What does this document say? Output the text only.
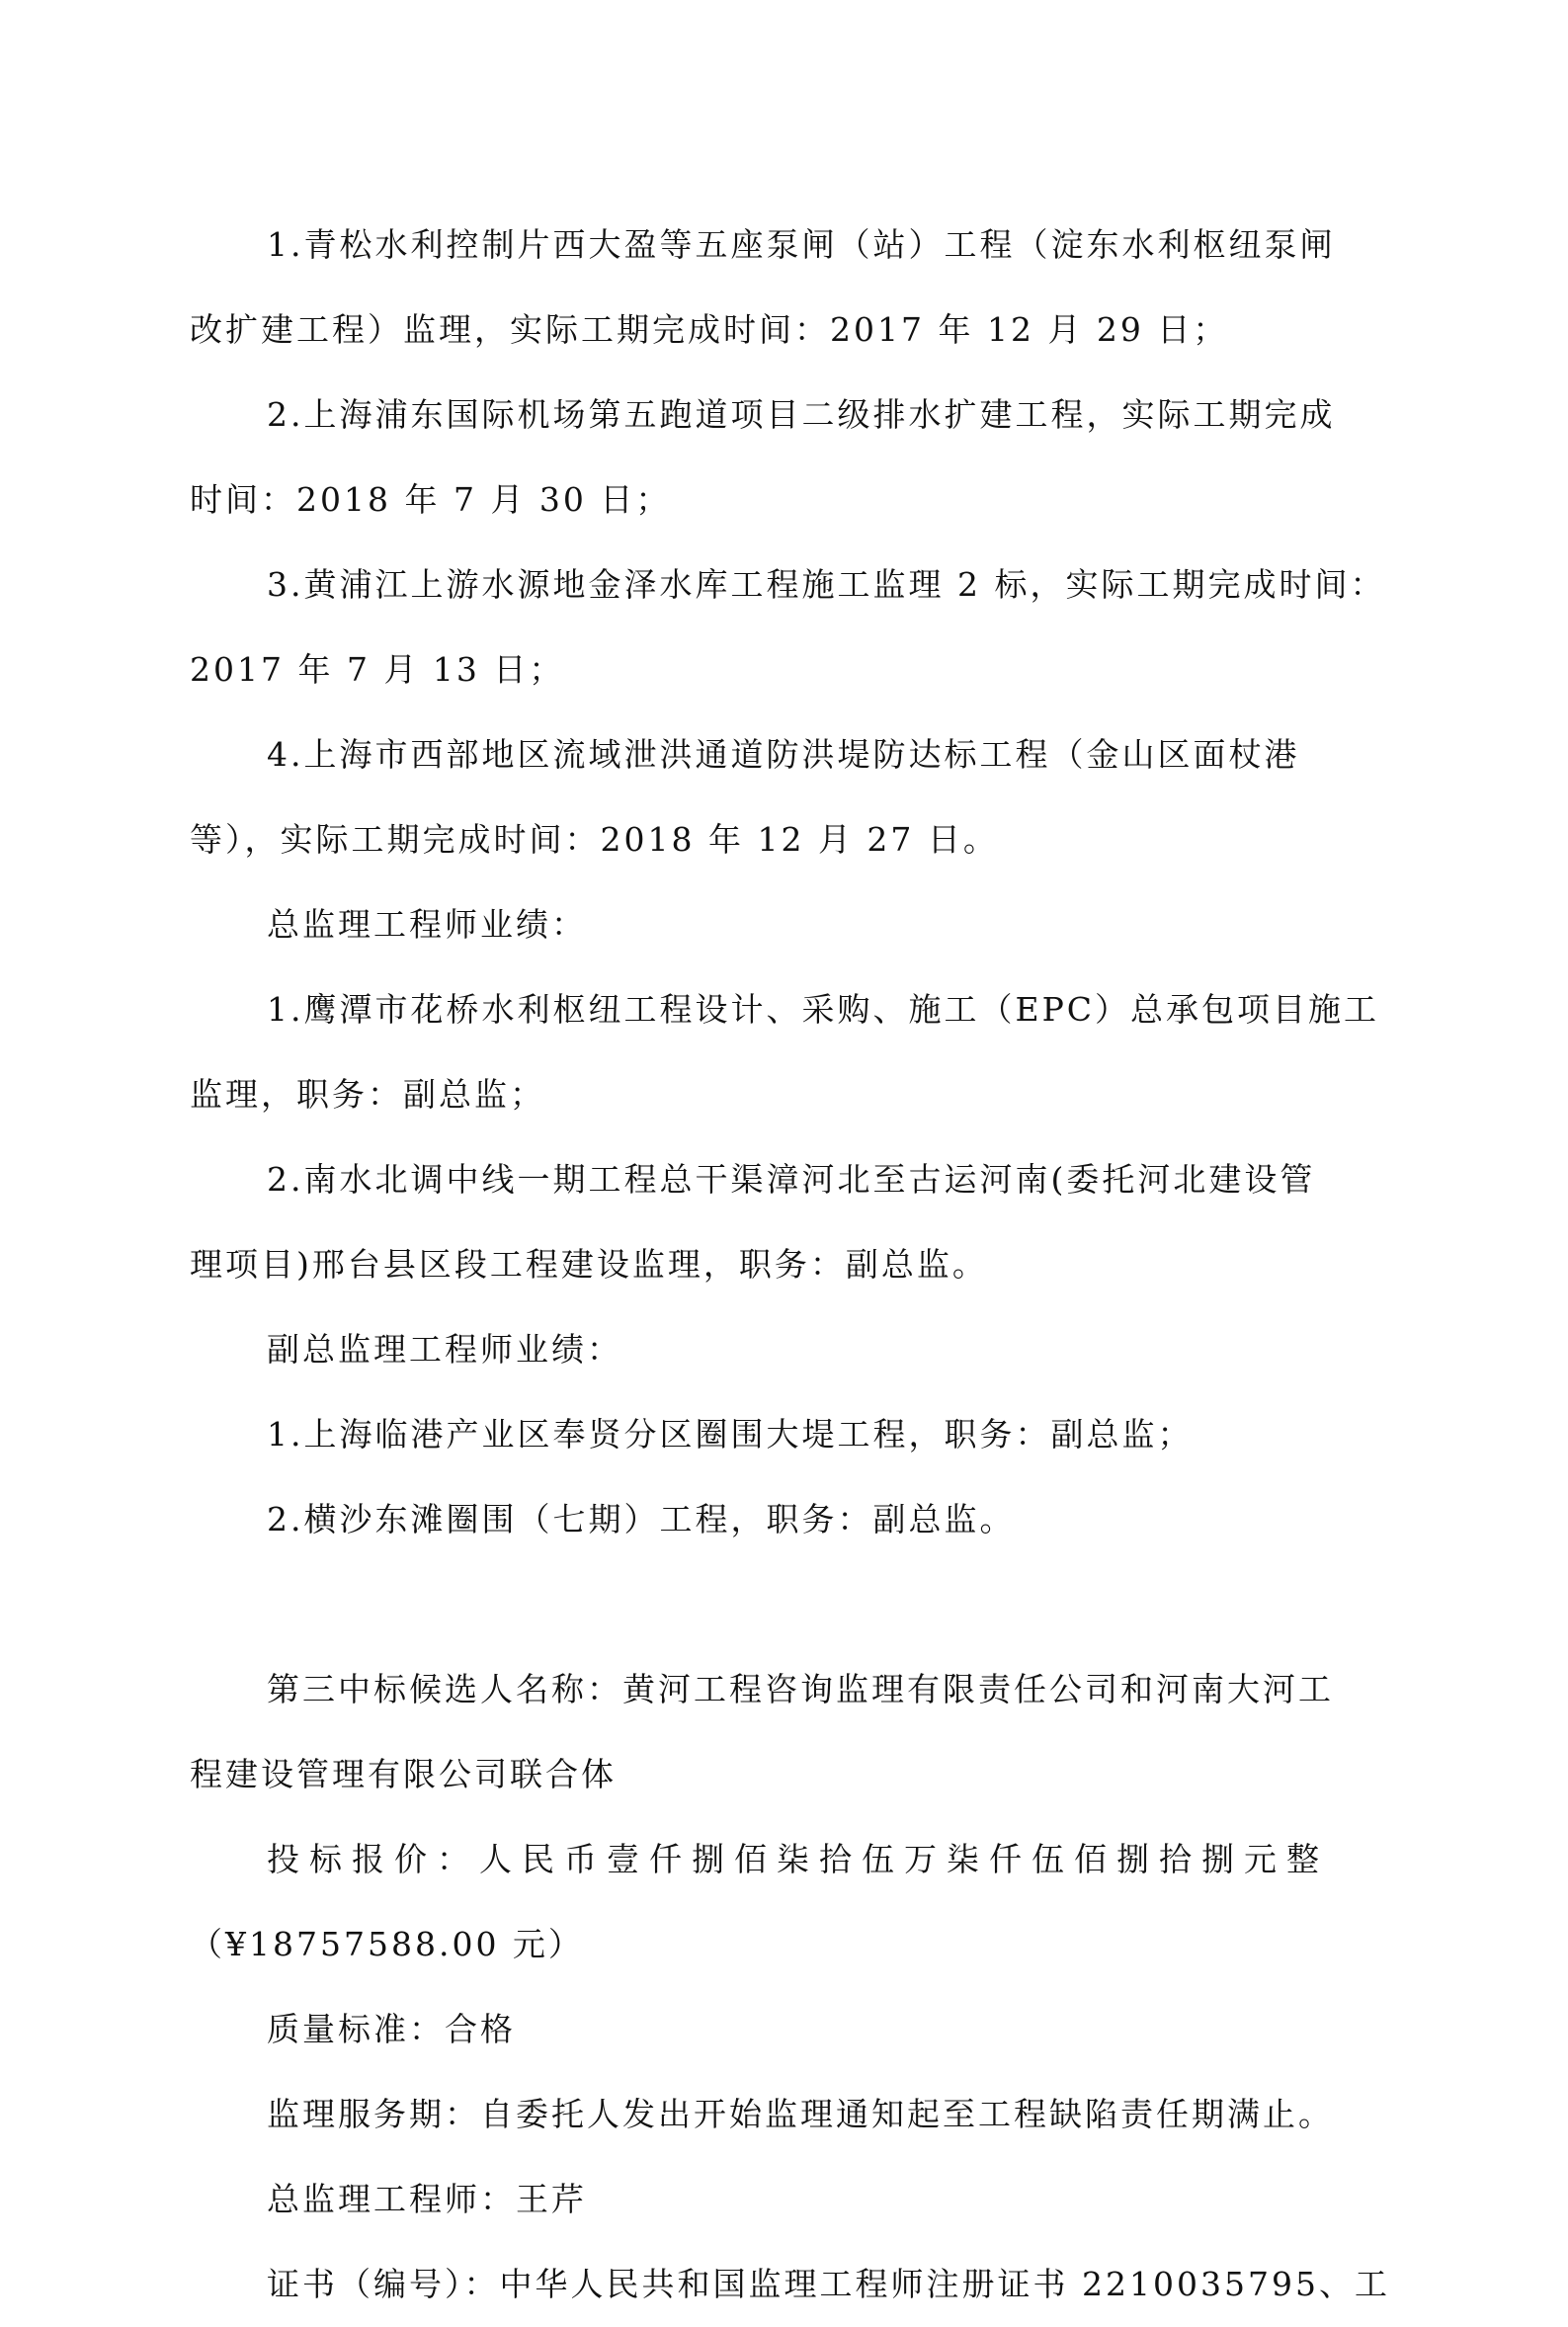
1.青松水利控制片西大盈等五座泵闸（站）工程（淀东水利枢纽泵闸
改扩建工程）监理，实际工期完成时间：2017 年 12 月 29 日；
2.上海浦东国际机场第五跑道项目二级排水扩建工程，实际工期完成
时间：2018 年 7 月 30 日；
3.黄浦江上游水源地金泽水库工程施工监理 2 标，实际工期完成时间：
2017 年 7 月 13 日；
4.上海市西部地区流域泄洪通道防洪堤防达标工程（金山区面杖港
等），实际工期完成时间：2018 年 12 月 27 日。
总监理工程师业绩：
1.鹰潭市花桥水利枢纽工程设计、采购、施工（EPC）总承包项目施工
监理，职务：副总监；
2.南水北调中线一期工程总干渠漳河北至古运河南(委托河北建设管
理项目)邢台县区段工程建设监理，职务：副总监。
副总监理工程师业绩：
1.上海临港产业区奉贤分区圈围大堤工程，职务：副总监；
2.横沙东滩圈围（七期）工程，职务：副总监。
第三中标候选人名称：黄河工程咨询监理有限责任公司和河南大河工
程建设管理有限公司联合体
投标报价：人民币壹仟捌佰柒拾伍万柒仟伍佰捌拾捌元整
（¥18757588.00 元）
质量标准：合格
监理服务期：自委托人发出开始监理通知起至工程缺陷责任期满止。
总监理工程师：王芹
证书（编号）：中华人民共和国监理工程师注册证书 2210035795、工
